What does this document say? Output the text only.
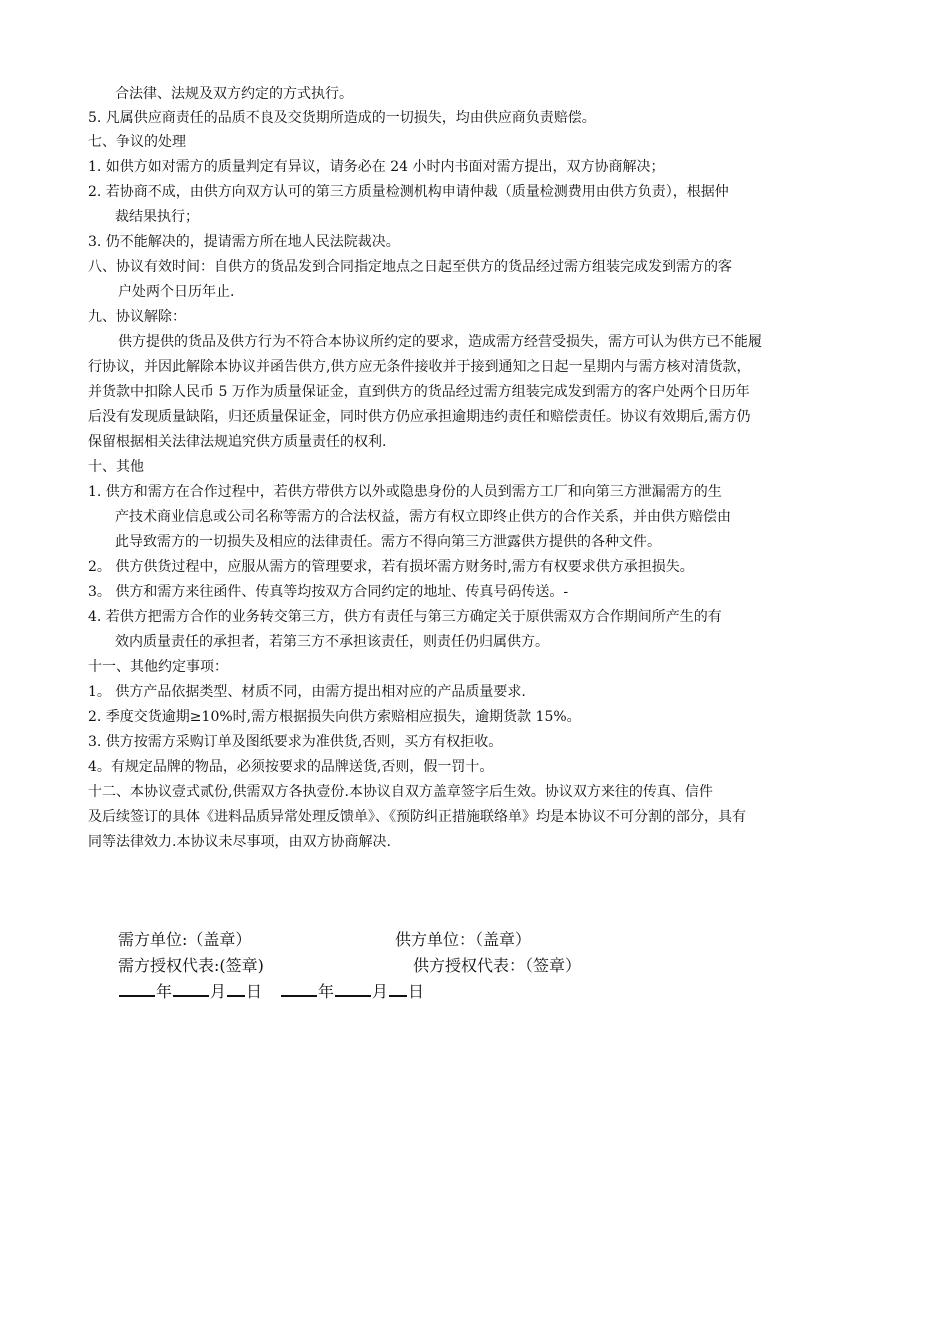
合法律、法规及双方约定的方式执行。
5. 凡属供应商责任的品质不良及交货期所造成的一切损失，均由供应商负责赔偿。
七、争议的处理
1. 如供方如对需方的质量判定有异议，请务必在 24 小时内书面对需方提出，双方协商解决；
2. 若协商不成，由供方向双方认可的第三方质量检测机构申请仲裁（质量检测费用由供方负责），根据仲
裁结果执行；
3. 仍不能解决的，提请需方所在地人民法院裁决。
八、协议有效时间：自供方的货品发到合同指定地点之日起至供方的货品经过需方组装完成发到需方的客
户处两个日历年止.
九、协议解除：
供方提供的货品及供方行为不符合本协议所约定的要求，造成需方经营受损失，需方可认为供方已不能履
行协议，并因此解除本协议并函告供方,供方应无条件接收并于接到通知之日起一星期内与需方核对清货款，
并货款中扣除人民币 5 万作为质量保证金，直到供方的货品经过需方组装完成发到需方的客户处两个日历年
后没有发现质量缺陷，归还质量保证金，同时供方仍应承担逾期违约责任和赔偿责任。协议有效期后,需方仍
保留根据相关法律法规追究供方质量责任的权利.
十、其他
1. 供方和需方在合作过程中，若供方带供方以外或隐患身份的人员到需方工厂和向第三方泄漏需方的生
产技术商业信息或公司名称等需方的合法权益，需方有权立即终止供方的合作关系，并由供方赔偿由
此导致需方的一切损失及相应的法律责任。需方不得向第三方泄露供方提供的各种文件。
2。 供方供货过程中，应服从需方的管理要求，若有损坏需方财务时,需方有权要求供方承担损失。
3。 供方和需方来往函件、传真等均按双方合同约定的地址、传真号码传送。-
4. 若供方把需方合作的业务转交第三方，供方有责任与第三方确定关于原供需双方合作期间所产生的有
效内质量责任的承担者，若第三方不承担该责任，则责任仍归属供方。
十一、其他约定事项：
1。 供方产品依据类型、材质不同，由需方提出相对应的产品质量要求.
2. 季度交货逾期≥10%时,需方根据损失向供方索赔相应损失，逾期货款 15%。
3. 供方按需方采购订单及图纸要求为准供货,否则，买方有权拒收。
4。有规定品牌的物品，必须按要求的品牌送货,否则，假一罚十。
十二、本协议壹式贰份,供需双方各执壹份.本协议自双方盖章签字后生效。协议双方来往的传真、信件
及后续签订的具体《进料品质异常处理反馈单》、《预防纠正措施联络单》均是本协议不可分割的部分，具有
同等法律效力.本协议未尽事项，由双方协商解决.
需方单位:（盖章）	供方单位：（盖章）
需方授权代表:(签章)	供方授权代表：（签章）
年 月 日	年 月 日
